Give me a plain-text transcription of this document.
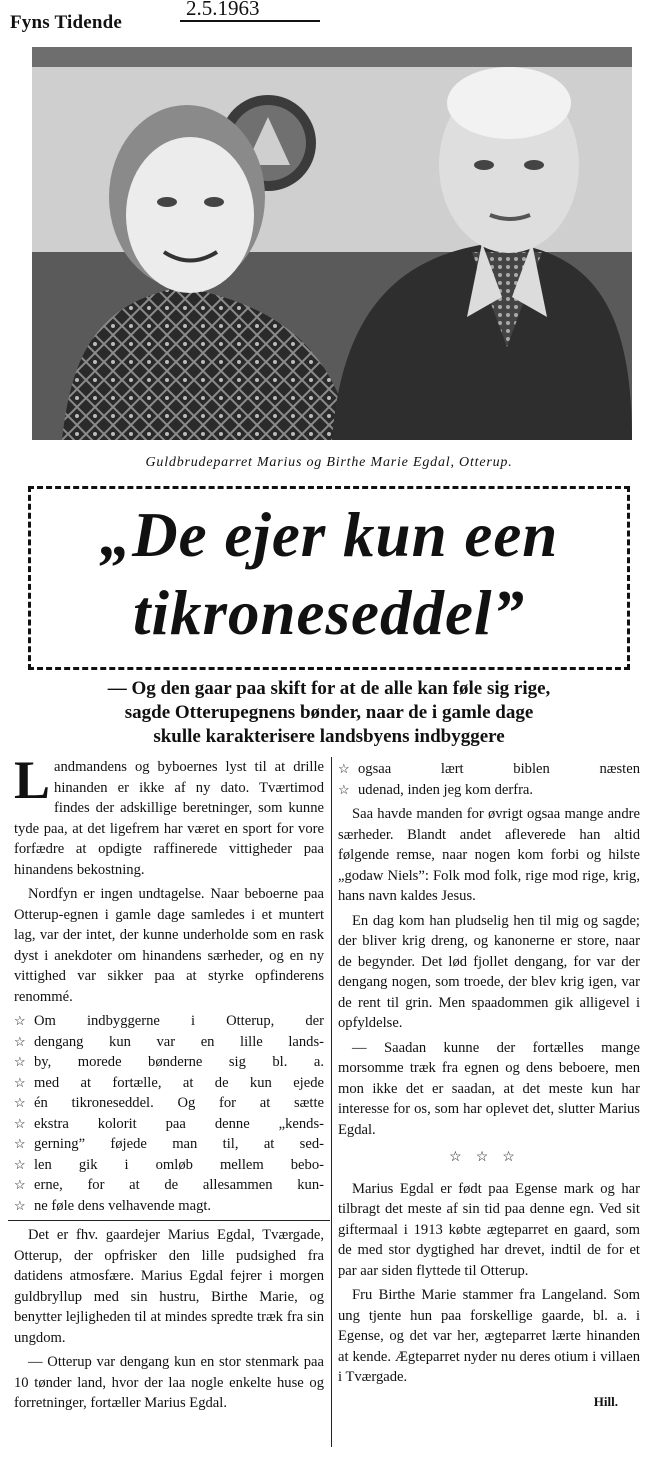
Fyns Tidende
2.5.1963
Guldbrudeparret Marius og Birthe Marie Egdal, Otterup.
„De ejer kun een
tikroneseddel”
— Og den gaar paa skift for at de alle kan føle sig rige,
sagde Otterupegnens bønder, naar de i gamle dage
skulle karakterisere landsbyens indbyggere

Landmandens og byboernes lyst til at drille hinanden er ikke af ny dato. Tværtimod findes der adskillige beretninger, som kunne tyde paa, at det ligefrem har været en sport for vore forfædre at opdigte raffinerede vittigheder paa hinandens bekostning.

Nordfyn er ingen undtagelse. Naar beboerne paa Otterup-egnen i gamle dage samledes i et muntert lag, var der intet, der kunne underholde som en rask dyst i anekdoter om hinandens særheder, og en ny vittighed var sikker paa at styrke opfinderens renommé.

☆ Om indbyggerne i Otterup, der
☆ dengang kun var en lille lands-
☆ by, morede bønderne sig bl. a.
☆ med at fortælle, at de kun ejede
☆ én tikroneseddel. Og for at sætte
☆ ekstra kolorit paa denne „kends-
☆ gerning” føjede man til, at sed-
☆ len gik i omløb mellem bebo-
☆ erne, for at de allesammen kun-
☆ ne føle dens velhavende magt.

Det er fhv. gaardejer Marius Egdal, Tværgade, Otterup, der opfrisker den lille pudsighed fra datidens atmosfære. Marius Egdal fejrer i morgen guldbryllup med sin hustru, Birthe Marie, og benytter lejligheden til at mindes spredte træk fra sin ungdom.

— Otterup var dengang kun en stor stenmark paa 10 tønder land, hvor der laa nogle enkelte huse og forretninger, fortæller Marius Egdal.

☆ ogsaa lært biblen næsten
☆ udenad, inden jeg kom derfra.

Saa havde manden for øvrigt ogsaa mange andre særheder. Blandt andet afleverede han altid følgende remse, naar nogen kom forbi og hilste „godaw Niels”: Folk mod folk, rige mod rige, krig, hans navn kaldes Jesus.

En dag kom han pludselig hen til mig og sagde; der bliver krig dreng, og kanonerne er store, naar de begynder. Det lød fjollet dengang, for var der dengang nogen, som troede, der blev krig igen, var de rent til grin. Men spaadommen gik alligevel i opfyldelse.

— Saadan kunne der fortælles mange morsomme træk fra egnen og dens beboere, men mon ikke det er saadan, at det meste kun har interesse for os, som har oplevet det, slutter Marius Egdal.

☆☆☆

Marius Egdal er født paa Egense mark og har tilbragt det meste af sin tid paa denne egn. Ved sit giftermaal i 1913 købte ægteparret en gaard, som de med stor dygtighed har drevet, indtil de for et par aar siden flyttede til Otterup.

Fru Birthe Marie stammer fra Langeland. Som ung tjente hun paa forskellige gaarde, bl. a. i Egense, og det var her, ægteparret lærte hinanden at kende. Ægteparret nyder nu deres otium i villaen i Tværgade.

Hill.
